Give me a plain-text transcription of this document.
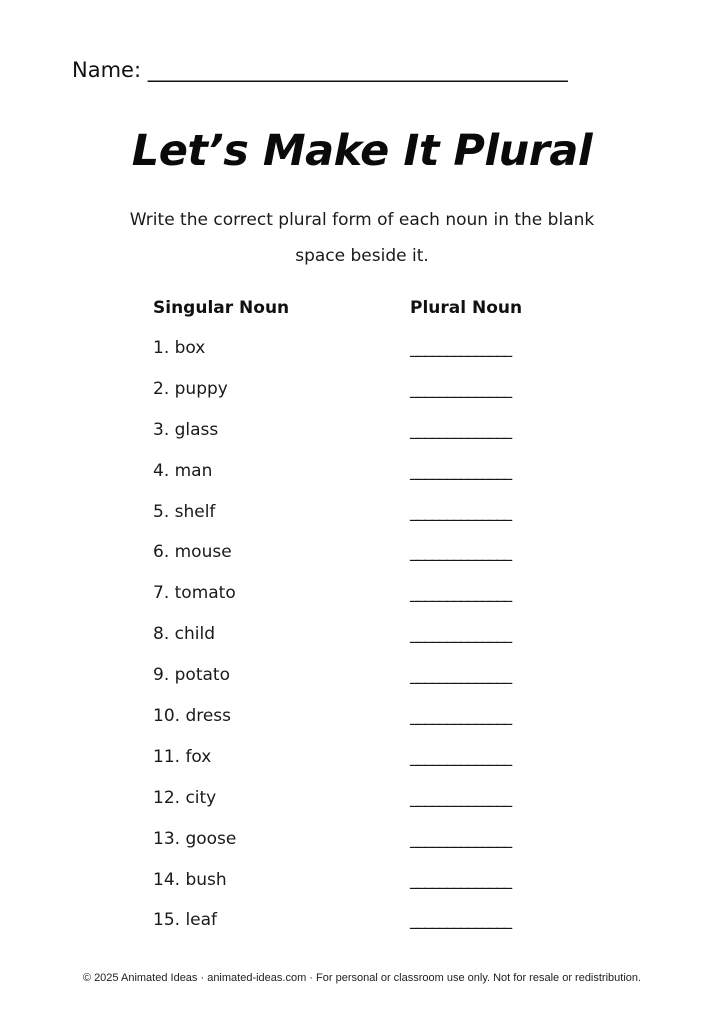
Name: ________________________________________
Let’s Make It Plural
Write the correct plural form of each noun in the blank space beside it.
Singular Noun	Plural Noun
1. box	______________
2. puppy	______________
3. glass	______________
4. man	______________
5. shelf	______________
6. mouse	______________
7. tomato	______________
8. child	______________
9. potato	______________
10. dress	______________
11. fox	______________
12. city	______________
13. goose	______________
14. bush	______________
15. leaf	______________
© 2025 Animated Ideas · animated-ideas.com · For personal or classroom use only. Not for resale or redistribution.
